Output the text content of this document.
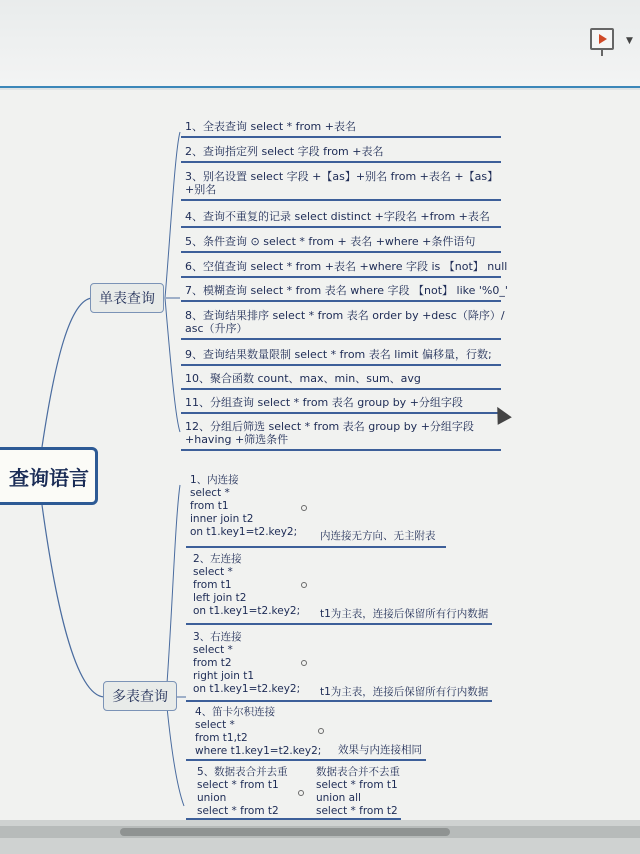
▼
查询语言
单表查询
多表查询
1、全表查询 select * from +表名
2、查询指定列 select 字段 from +表名
3、别名设置 select 字段 +【as】+别名 from +表名 +【as】+别名
4、查询不重复的记录 select distinct +字段名 +from +表名
5、条件查询 ⊙ select * from + 表名 +where +条件语句
6、空值查询 select * from +表名 +where 字段 is 【not】 null
7、模糊查询 select * from 表名 where 字段 【not】 like '%0_'
8、查询结果排序 select * from 表名 order by +desc（降序）/ asc（升序）
9、查询结果数量限制 select * from 表名 limit 偏移量，行数;
10、聚合函数 count、max、min、sum、avg
11、分组查询 select * from 表名 group by +分组字段
12、分组后筛选 select * from 表名 group by +分组字段 +having +筛选条件
1、内连接
select *
from t1
inner join t2
on t1.key1=t2.key2; 内连接无方向、无主附表
2、左连接
select *
from t1
left join t2
on t1.key1=t2.key2; t1为主表，连接后保留所有行内数据
3、右连接
select *
from t2
right join t1
on t1.key1=t2.key2; t1为主表，连接后保留所有行内数据
4、笛卡尔积连接
select *
from t1,t2
where t1.key1=t2.key2; 效果与内连接相同
5、数据表合并去重
select * from t1
union
select * from t2
数据表合并不去重
select * from t1
union all
select * from t2
